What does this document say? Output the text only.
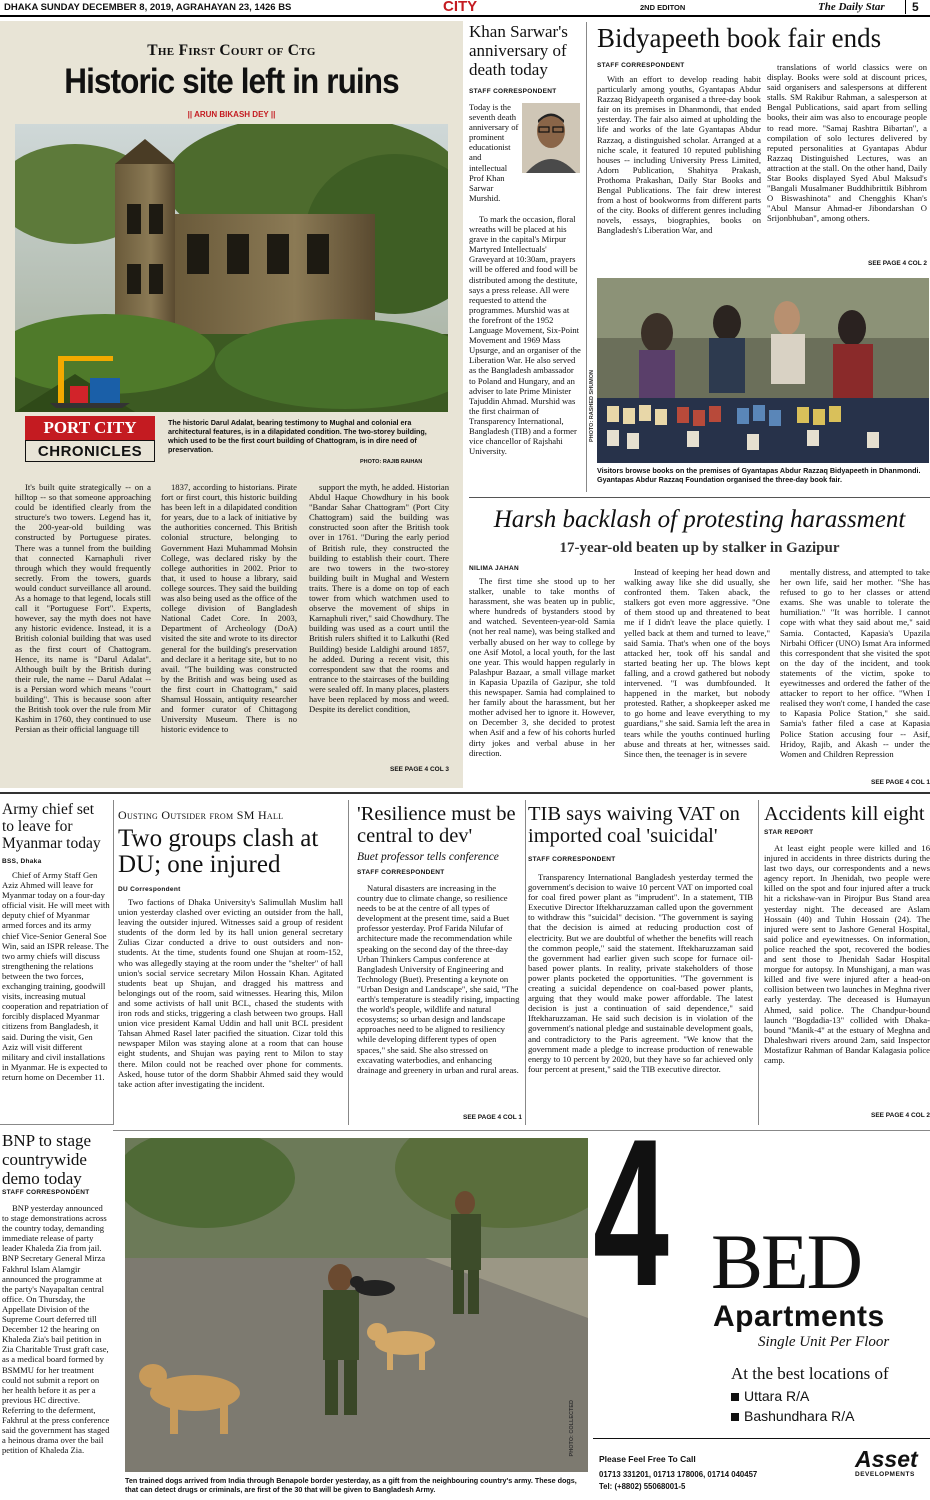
DHAKA SUNDAY DECEMBER 8, 2019, AGRAHAYAN 23, 1426 BS	CITY	2ND EDITON	The Daily Star	5
The First Court of Ctg
Historic site left in ruins
|| ARUN BIKASH DEY ||
PORT CITY
CHRONICLES
The historic Darul Adalat, bearing testimony to Mughal and colonial era architectural features, is in a dilapidated condition. The two-storey building, which used to be the first court building of Chattogram, is in dire need of preservation.
PHOTO: RAJIB RAIHAN

It's built quite strategically -- on a hilltop -- so that someone approaching could be identified clearly from the structure's two towers. Legend has it, the 200-year-old building was constructed by Portuguese pirates. There was a tunnel from the building that connected Karnaphuli river through which they would frequently secretly. From the towers, guards would conduct surveillance all around. As a homage to that legend, locals still call it "Portuguese Fort". Experts, however, say the myth does not have any historic evidence. Instead, it is a British colonial building that was used as the first court of Chattogram. Hence, its name is "Darul Adalat". Although built by the British during their rule, the name -- Darul Adalat -- is a Persian word which means "court building". This is because soon after the British took over the rule from Mir Kashim in 1760, they continued to use Persian as their official language till

1837, according to historians. Pirate fort or first court, this historic building has been left in a dilapidated condition for years, due to a lack of initiative by the authorities concerned. This British colonial structure, belonging to Government Hazi Muhammad Mohsin College, was declared risky by the college authorities in 2002. Prior to that, it used to house a library, said college sources. They said the building was also being used as the office of the college division of Bangladesh National Cadet Core. In 2003, Department of Archeology (DoA) visited the site and wrote to its director general for the building's preservation and declare it a heritage site, but to no avail. "The building was constructed by the British and was being used as the first court in Chattogram," said Shamsul Hossain, antiquity researcher and former curator of Chittagong University Museum. There is no historic evidence to

support the myth, he added. Historian Abdul Haque Chowdhury in his book "Bandar Sahar Chattogram" (Port City Chattogram) said the building was constructed soon after the British took over in 1761. "During the early period of British rule, they constructed the building to establish their court. There are two towers in the two-storey building built in Mughal and Western traits. There is a dome on top of each tower from which watchmen used to observe the movement of ships in Karnaphuli river," said Chowdhury. The building was used as a court until the British rulers shifted it to Lalkuthi (Red Building) beside Laldighi around 1857, he added. During a recent visit, this correspondent saw that the rooms and entrance to the staircases of the building were sealed off. In many places, plasters have been replaced by moss and weed. Despite its derelict condition,

SEE PAGE 4 COL 3
Khan Sarwar's anniversary of death today
STAFF CORRESPONDENT
Today is the seventh death anniversary of prominent educationist and intellectual Prof Khan Sarwar Murshid.

To mark the occasion, floral wreaths will be placed at his grave in the capital's Mirpur Martyred Intellectuals' Graveyard at 10:30am, prayers will be offered and food will be distributed among the destitute, says a press release. All were requested to attend the programmes. Murshid was at the forefront of the 1952 Language Movement, Six-Point Movement and 1969 Mass Upsurge, and an organiser of the Liberation War. He also served as the Bangladesh ambassador to Poland and Hungary, and an adviser to late Prime Minister Tajuddin Ahmad. Murshid was the first chairman of Transparency International, Bangladesh (TIB) and a former vice chancellor of Rajshahi University.

Bidyapeeth book fair ends
STAFF CORRESPONDENT

With an effort to develop reading habit particularly among youths, Gyantapas Abdur Razzaq Bidyapeeth organised a three-day book fair on its premises in Dhanmondi, that ended yesterday. The fair also aimed at upholding the life and works of the late Gyantapas Abdur Razzaq, a distinguished scholar. Arranged at a niche scale, it featured 10 reputed publishing houses -- including University Press Limited, Adorn Publication, Shahitya Prakash, Prothoma Prakashan, Daily Star Books and Bengal Publications. The fair drew interest from a host of bookworms from different parts of the city. Books of different genres including novels, essays, biographies, books on Bangladesh's Liberation War, and

translations of world classics were on display. Books were sold at discount prices, said organisers and salespersons at different stalls. SM Rakibur Rahman, a salesperson at Bengal Publications, said apart from selling books, their aim was also to encourage people to read more. "Samaj Rashtra Bibartan", a compilation of solo lectures delivered by reputed personalities at Gyantapas Abdur Razzaq Distinguished Lectures, was an attraction at the stall. On the other hand, Daily Star Books displayed Syed Abul Maksud's "Bangali Musalmaner Buddhibrittik Bibhrom O Biswashinota" and Chengghis Khan's "Abul Mansur Ahmad-er Jibondarshan O Srijonbhuban", among others.

SEE PAGE 4 COL 2
PHOTO: RASHED SHUMON
Visitors browse books on the premises of Gyantapas Abdur Razzaq Bidyapeeth in Dhanmondi. Gyantapas Abdur Razzaq Foundation organised the three-day book fair.
Harsh backlash of protesting harassment
17-year-old beaten up by stalker in Gazipur
NILIMA JAHAN

The first time she stood up to her stalker, unable to take months of harassment, she was beaten up in public, where hundreds of bystanders stood by and watched. Seventeen-year-old Samia (not her real name), was being stalked and verbally abused on her way to college by one Asif Motol, a local youth, for the last one year. This would happen regularly in Palashpur Bazaar, a small village market in Kapasia Upazila of Gazipur, she told this newspaper. Samia had complained to her family about the harassment, but her mother advised her to ignore it. However, on December 3, she decided to protest when Asif and a few of his cohorts hurled dirty jokes and verbal abuse in her direction.

Instead of keeping her head down and walking away like she did usually, she confronted them. Taken aback, the stalkers got even more aggressive. "One of them stood up and threatened to beat me if I didn't leave the place quietly. I yelled back at them and turned to leave," said Samia. That's when one of the boys attacked her, took off his sandal and started beating her up. The blows kept falling, and a crowd gathered but nobody intervened. "I was dumbfounded. It happened in the market, but nobody protested. Rather, a shopkeeper asked me to go home and leave everything to my guardians," she said. Samia left the area in tears while the youths continued hurling abuse and threats at her, witnesses said. Since then, the teenager is in severe

mentally distress, and attempted to take her own life, said her mother. "She has refused to go to her classes or attend exams. She was unable to tolerate the humiliation." "It was horrible. I cannot cope with what they said about me," said Samia. Contacted, Kapasia's Upazila Nirbahi Officer (UNO) Ismat Ara informed this correspondent that she visited the spot on the day of the incident, and took statements of the victim, spoke to eyewitnesses and ordered the father of the attacker to report to her office. "When I realised they won't come, I handed the case to Kapasia Police Station," she said. Samia's father filed a case at Kapasia Police Station accusing four -- Asif, Hridoy, Rajib, and Akash -- under the Women and Children Repression

SEE PAGE 4 COL 1
Army chief set to leave for Myanmar today
BSS, Dhaka

Chief of Army Staff Gen Aziz Ahmed will leave for Myanmar today on a four-day official visit. He will meet with deputy chief of Myanmar armed forces and its army chief Vice-Senior General Soe Win, said an ISPR release. The two army chiefs will discuss strengthening the relations between the two forces, exchanging training, goodwill visits, increasing mutual cooperation and repatriation of forcibly displaced Myanmar citizens from Bangladesh, it said. During the visit, Gen Aziz will visit different military and civil installations in Myanmar. He is expected to return home on December 11.

Ousting Outsider from SM Hall
Two groups clash at DU; one injured
DU Correspondent

Two factions of Dhaka University's Salimullah Muslim hall union yesterday clashed over evicting an outsider from the hall, leaving the outsider injured. Witnesses said a group of resident students of the dorm led by its hall union general secretary Zulias Cizar conducted a drive to oust outsiders and non-students. At the time, students found one Shujan at room-152, who was allegedly staying at the room under the "shelter" of hall union's social service secretary Milon Hossain Khan. Agitated students beat up Shujan, and dragged his mattress and belongings out of the room, said witnesses. Hearing this, Milon and some activists of hall unit BCL, chased the students with iron rods and sticks, triggering a clash between two groups. Hall union vice president Kamal Uddin and hall unit BCL president Tahsan Ahmed Rasel later pacified the situation. Cizar told this newspaper Milon was staying alone at a room that can house eight students, and Shujan was paying rent to Milon to stay there. Milon could not be reached over phone for comments. Asked, house tutor of the dorm Shabbir Ahmed said they would take action after investigating the incident.

'Resilience must be central to dev'
Buet professor tells conference
STAFF CORRESPONDENT

Natural disasters are increasing in the country due to climate change, so resilience needs to be at the centre of all types of development at the present time, said a Buet professor yesterday. Prof Farida Nilufar of architecture made the recommendation while speaking on the second day of the three-day Urban Thinkers Campus conference at Bangladesh University of Engineering and Technology (Buet). Presenting a keynote on "Urban Design and Landscape", she said, "The earth's temperature is steadily rising, impacting the world's people, wildlife and natural ecosystems; so urban design and landscape approaches need to be aligned to resiliency while developing different types of open spaces," she said. She also stressed on excavating waterbodies, and enhancing drainage and greenery in urban and rural areas.

SEE PAGE 4 COL 1
TIB says waiving VAT on imported coal 'suicidal'
STAFF CORRESPONDENT

Transparency International Bangladesh yesterday termed the government's decision to waive 10 percent VAT on imported coal for coal fired power plant as "imprudent". In a statement, TIB Executive Director Iftekharuzzaman called upon the government to withdraw this "suicidal" decision. "The government is saying that the decision is aimed at reducing production cost of electricity. But we are doubtful of whether the benefits will reach the common people," said the statement. Iftekharuzzaman said the government had earlier given such scope for furnace oil-based power plants. In reality, private stakeholders of those power plants pocketed the opportunities. "The government is creating a suicidal dependence on coal-based power plants, arguing that they would make power affordable. The latest decision is just a continuation of said dependence," said Iftekharuzzaman. He said such decision is in violation of the government's national pledge and sustainable development goals, and contradictory to the Paris agreement. "We know that the government made a pledge to increase production of renewable energy to 10 percent by 2020, but they have so far achieved only four percent at present," said the TIB executive director.

Accidents kill eight
STAR REPORT

At least eight people were killed and 16 injured in accidents in three districts during the last two days, our correspondents and a news agency report. In Jhenidah, two people were killed on the spot and four injured after a truck hit a rickshaw-van in Pirojpur Bus Stand area yesterday night. The deceased are Aslam Hossain (40) and Tuhin Hossain (24). The injured were sent to Jashore General Hospital, said police and eyewitnesses. On information, police reached the spot, recovered the bodies and sent those to Jhenidah Sadar Hospital morgue for autopsy. In Munshiganj, a man was killed and five were injured after a head-on collision between two launches in Meghna river early yesterday. The deceased is Humayun Ahmed, said police. The Chandpur-bound launch "Bogdadia-13" collided with Dhaka-bound "Manik-4" at the estuary of Meghna and Dhaleshwari rivers around 2am, said Inspector Mostafizur Rahman of Bandar Kalagasia police camp.

SEE PAGE 4 COL 2
BNP to stage countrywide demo today
STAFF CORRESPONDENT

BNP yesterday announced to stage demonstrations across the country today, demanding immediate release of party leader Khaleda Zia from jail. BNP Secretary General Mirza Fakhrul Islam Alamgir announced the programme at the party's Nayapaltan central office. On Thursday, the Appellate Division of the Supreme Court deferred till December 12 the hearing on Khaleda Zia's bail petition in Zia Charitable Trust graft case, as a medical board formed by BSMMU for her treatment could not submit a report on her health before it as per a previous HC directive. Referring to the deferment, Fakhrul at the press conference said the government has staged a heinous drama over the bail petition of Khaleda Zia.	PHOTO: COLLECTED
Ten trained dogs arrived from India through Benapole border yesterday, as a gift from the neighbouring country's army. These dogs, that can detect drugs or criminals, are first of the 30 that will be given to Bangladesh Army.
4 BED
Apartments
Single Unit Per Floor
At the best locations of
Uttara R/A
Bashundhara R/A
Please Feel Free To Call
01713 331201, 01713 178006, 01714 040457
Tel: (+8802) 55068001-5
Asset
DEVELOPMENTS
